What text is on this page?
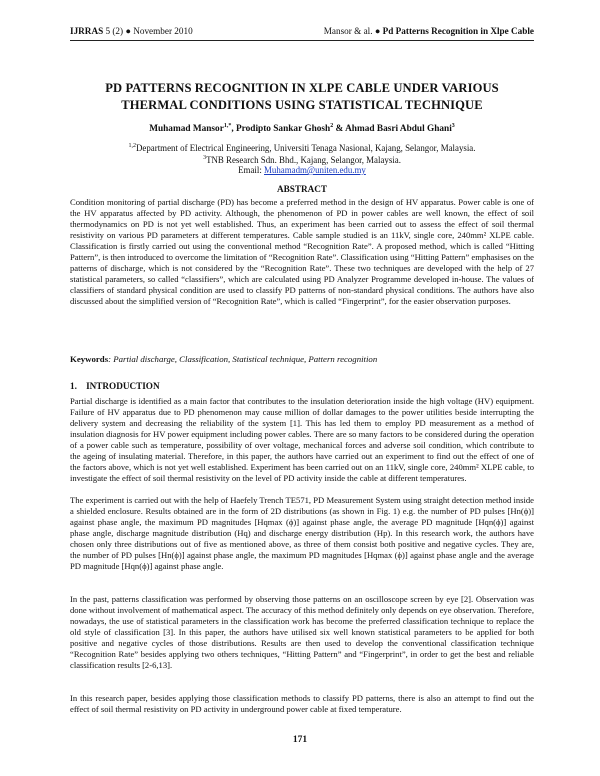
IJRRAS 5 (2) ● November 2010	Mansor & al. ● Pd Patterns Recognition in Xlpe Cable
PD PATTERNS RECOGNITION IN XLPE CABLE UNDER VARIOUS
THERMAL CONDITIONS USING STATISTICAL TECHNIQUE
Muhamad Mansor$^{1,*}$, Prodipto Sankar Ghosh$^2$ & Ahmad Basri Abdul Ghani$^3$
$^{1,2}$Department of Electrical Engineering, Universiti Tenaga Nasional, Kajang, Selangor, Malaysia.
$^3$TNB Research Sdn. Bhd., Kajang, Selangor, Malaysia.
Email: Muhamadm@uniten.edu.my
ABSTRACT

Condition monitoring of partial discharge (PD) has become a preferred method in the design of HV apparatus. Power cable is one of the HV apparatus affected by PD activity. Although, the phenomenon of PD in power cables are well known, the effect of soil thermodynamics on PD is not yet well established. Thus, an experiment has been carried out to assess the effect of soil thermal resistivity on various PD parameters at different temperatures. Cable sample studied is an 11kV, single core, 240mm² XLPE cable. Classification is firstly carried out using the conventional method “Recognition Rate”. A proposed method, which is called “Hitting Pattern”, is then introduced to overcome the limitation of “Recognition Rate”. Classification using “Hitting Pattern” emphasises on the patterns of discharge, which is not considered by the “Recognition Rate”. These two techniques are developed with the help of 27 statistical parameters, so called “classifiers”, which are calculated using PD Analyzer Programme developed in-house. The values of classifiers of standard physical condition are used to classify PD patterns of non-standard physical conditions. The authors have also discussed about the simplified version of “Recognition Rate”, which is called “Fingerprint”, for the easier observation purposes.

Keywords: Partial discharge, Classification, Statistical technique, Pattern recognition
1.    INTRODUCTION

Partial discharge is identified as a main factor that contributes to the insulation deterioration inside the high voltage (HV) equipment. Failure of HV apparatus due to PD phenomenon may cause million of dollar damages to the power utilities beside interrupting the delivery system and decreasing the reliability of the system [1]. This has led them to employ PD measurement as a method of insulation diagnosis for HV power equipment including power cables. There are so many factors to be considered during the operation of a power cable such as temperature, possibility of over voltage, mechanical forces and adverse soil condition, which contribute to the ageing of insulating material. Therefore, in this paper, the authors have carried out an experiment to find out the effect of one of the factors above, which is not yet well established. Experiment has been carried out on an 11kV, single core, 240mm² XLPE cable, to investigate the effect of soil thermal resistivity on the level of PD activity inside the cable at different temperatures.

The experiment is carried out with the help of Haefely Trench TE571, PD Measurement System using straight detection method inside a shielded enclosure. Results obtained are in the form of 2D distributions (as shown in Fig. 1) e.g. the number of PD pulses [Hn(ϕ)] against phase angle, the maximum PD magnitudes [Hqmax (ϕ)] against phase angle, the average PD magnitude [Hqn(ϕ)] against phase angle, discharge magnitude distribution (Hq) and discharge energy distribution (Hp). In this research work, the authors have chosen only three distributions out of five as mentioned above, as three of them consist both positive and negative cycles. They are, the number of PD pulses [Hn(ϕ)] against phase angle, the maximum PD magnitudes [Hqmax (ϕ)] against phase angle and the average PD magnitude [Hqn(ϕ)] against phase angle.

In the past, patterns classification was performed by observing those patterns on an oscilloscope screen by eye [2]. Observation was done without involvement of mathematical aspect. The accuracy of this method definitely only depends on eye observation. Therefore, nowadays, the use of statistical parameters in the classification work has become the preferred classification technique to replace the old style of classification [3]. In this paper, the authors have utilised six well known statistical parameters to be applied for both positive and negative cycles of those distributions. Results are then used to develop the conventional classification technique “Recognition Rate” besides applying two others techniques, “Hitting Pattern” and “Fingerprint”, in order to get the best and reliable classification results [2-6,13].

In this research paper, besides applying those classification methods to classify PD patterns, there is also an attempt to find out the effect of soil thermal resistivity on PD activity in underground power cable at fixed temperature.

171
